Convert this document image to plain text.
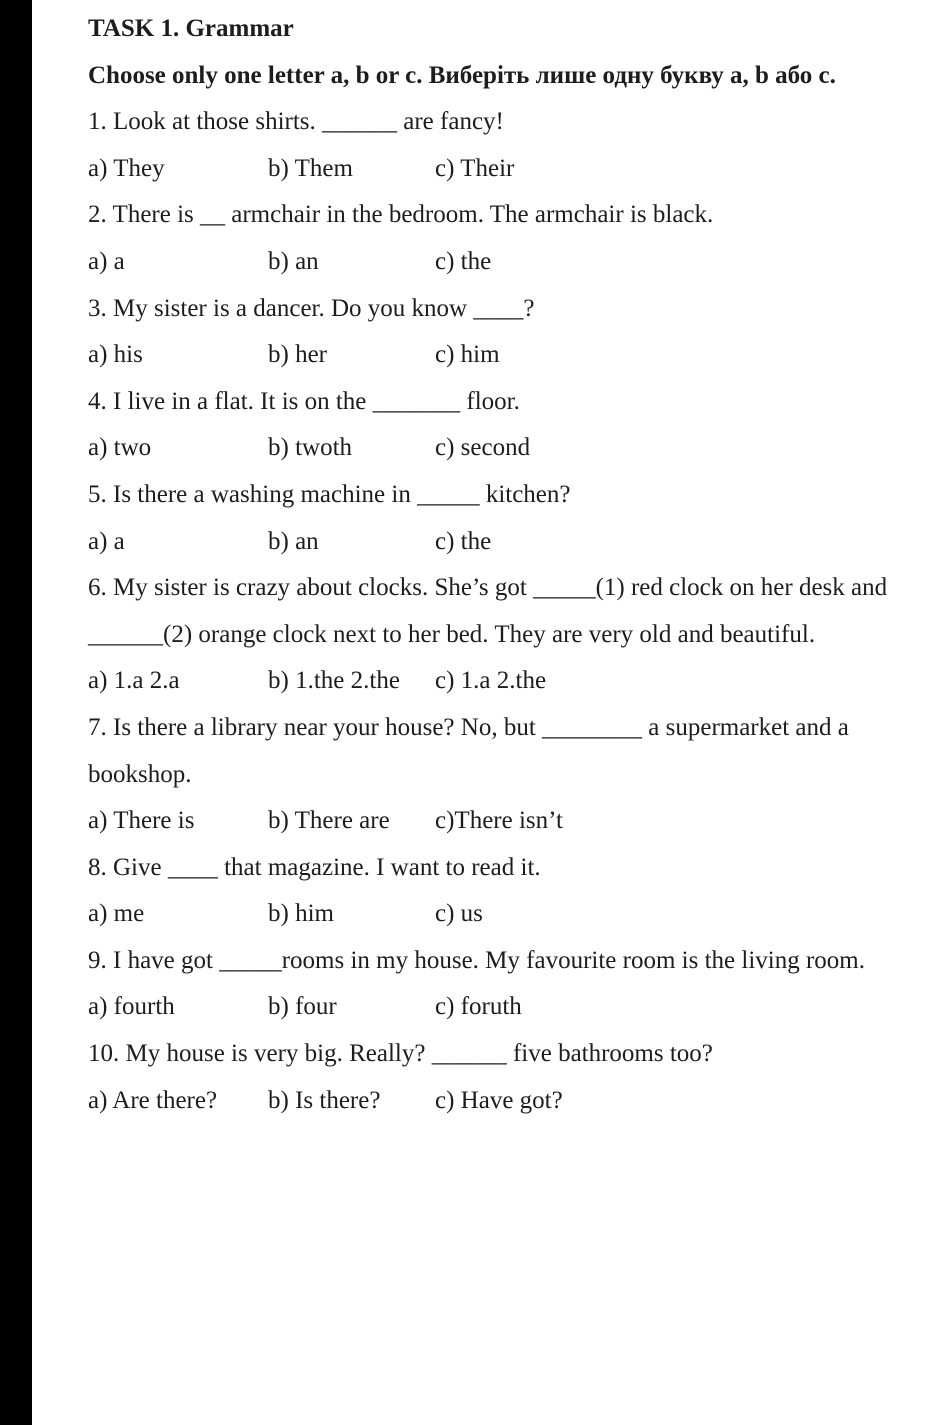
TASK 1. Grammar
Choose only one letter a, b or c. Виберіть лише одну букву a, b або c.
1. Look at those shirts. ______ are fancy!
a) They	b) Them	c) Their
2. There is __ armchair in the bedroom. The armchair is black.
a) a	b) an	c) the
3. My sister is a dancer. Do you know ____?
a) his	b) her	c) him
4. I live in a flat. It is on the _______ floor.
a) two	b) twoth	c) second
5. Is there a washing machine in _____ kitchen?
a) a	b) an	c) the
6. My sister is crazy about clocks. She’s got _____(1) red clock on her desk and
______(2) orange clock next to her bed. They are very old and beautiful.
a) 1.a 2.a	b) 1.the 2.the	c) 1.a 2.the
7. Is there a library near your house? No, but ________ a supermarket and a
bookshop.
a) There is	b) There are	c)There isn’t
8. Give ____ that magazine. I want to read it.
a) me	b) him	c) us
9. I have got _____rooms in my house. My favourite room is the living room.
a) fourth	b) four	c) foruth
10. My house is very big. Really? ______ five bathrooms too?
a) Are there?	b) Is there?	c) Have got?
